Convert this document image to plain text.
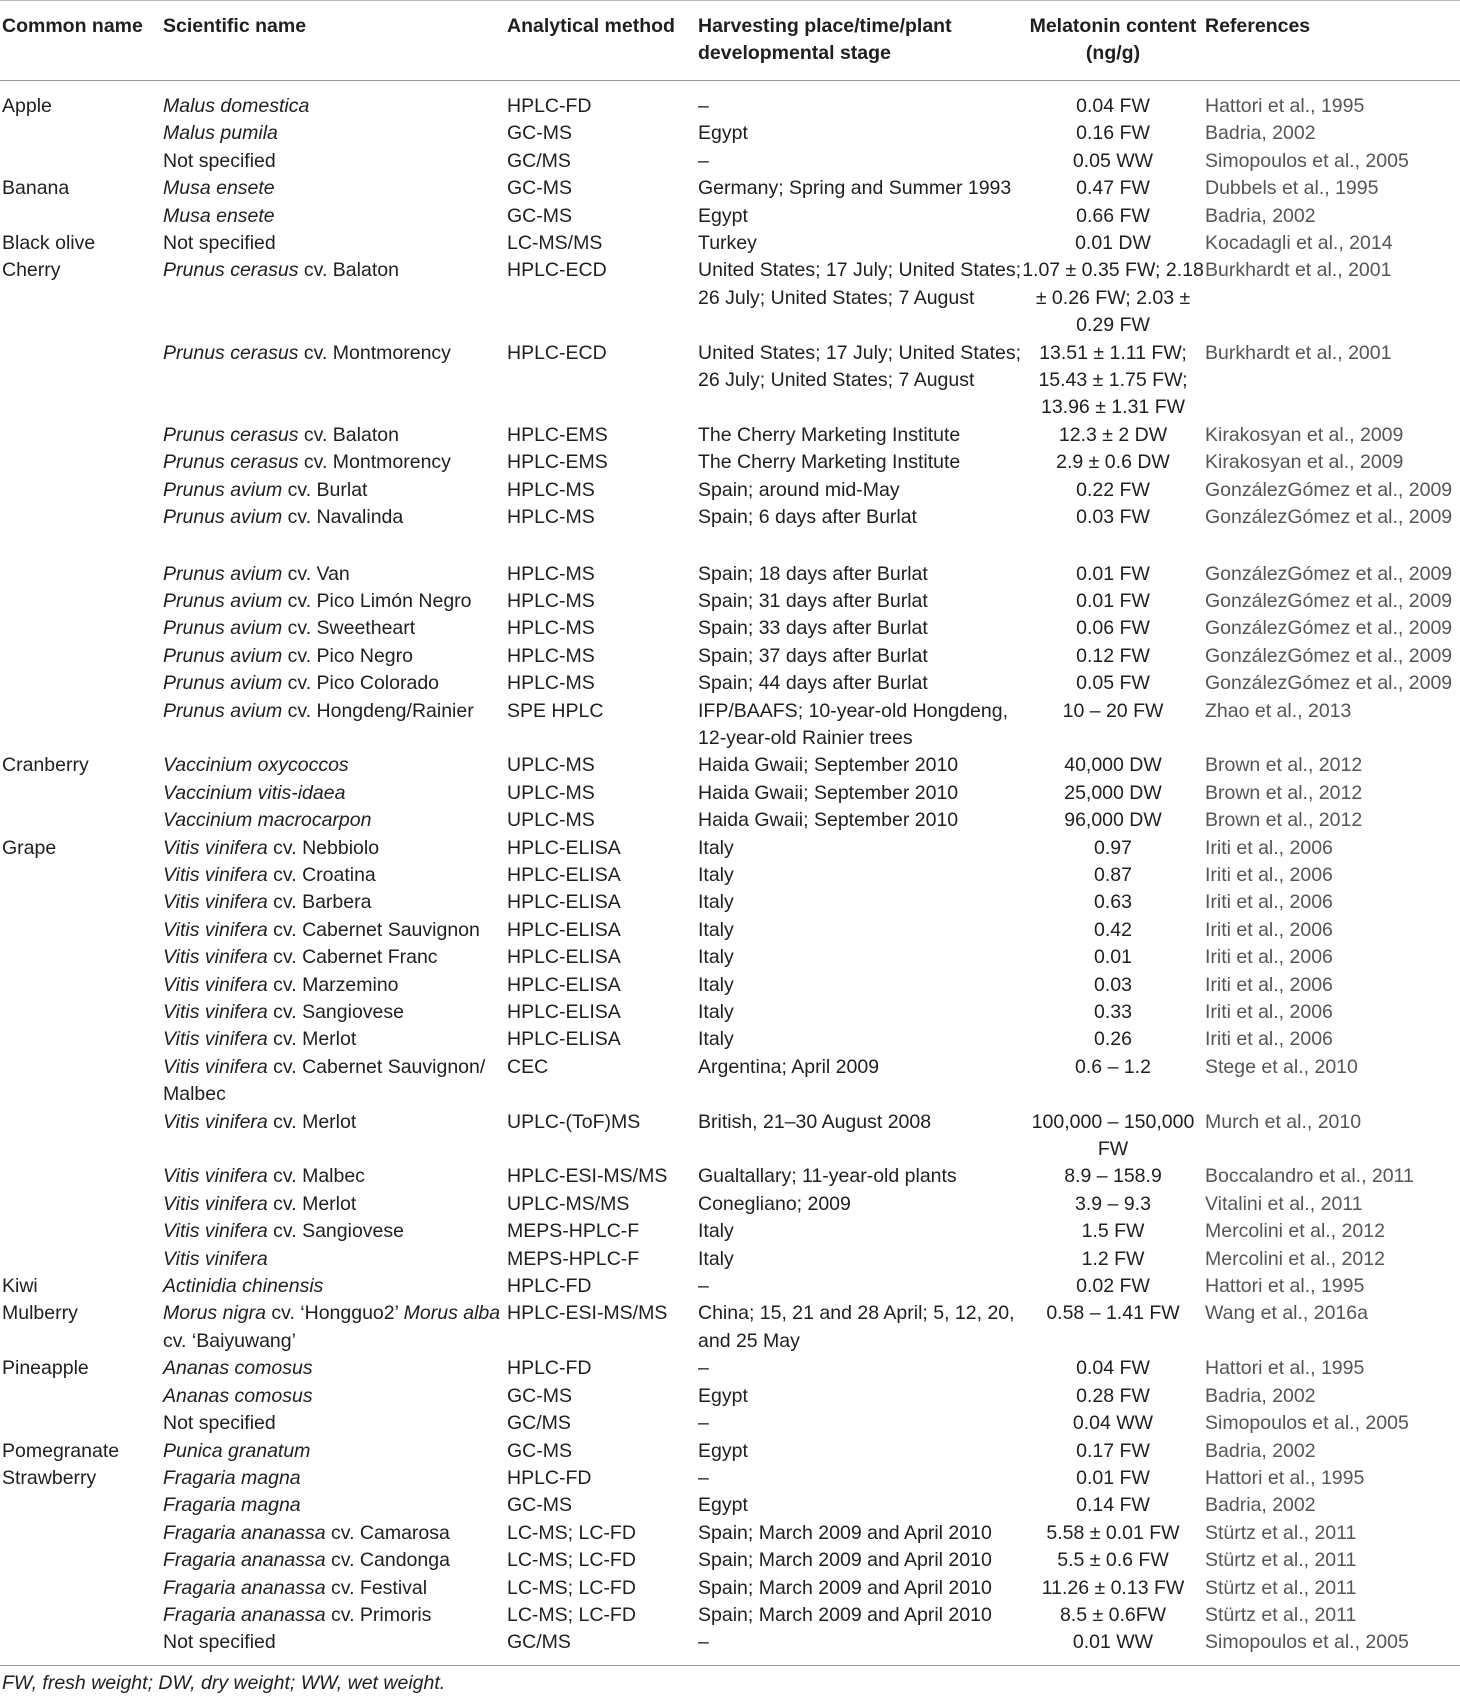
Common name	Scientific name	Analytical method	Harvesting place/time/plant developmental stage	Melatonin content (ng/g)	References
Apple	Malus domestica	HPLC-FD	–	0.04 FW	Hattori et al., 1995
	Malus pumila	GC-MS	Egypt	0.16 FW	Badria, 2002
	Not specified	GC/MS	–	0.05 WW	Simopoulos et al., 2005
Banana	Musa ensete	GC-MS	Germany; Spring and Summer 1993	0.47 FW	Dubbels et al., 1995
	Musa ensete	GC-MS	Egypt	0.66 FW	Badria, 2002
Black olive	Not specified	LC-MS/MS	Turkey	0.01 DW	Kocadagli et al., 2014
Cherry	Prunus cerasus cv. Balaton	HPLC-ECD	United States; 17 July; United States; 26 July; United States; 7 August	1.07 ± 0.35 FW; 2.18 ± 0.26 FW; 2.03 ± 0.29 FW	Burkhardt et al., 2001
	Prunus cerasus cv. Montmorency	HPLC-ECD	United States; 17 July; United States; 26 July; United States; 7 August	13.51 ± 1.11 FW; 15.43 ± 1.75 FW; 13.96 ± 1.31 FW	Burkhardt et al., 2001
	Prunus cerasus cv. Balaton	HPLC-EMS	The Cherry Marketing Institute	12.3 ± 2 DW	Kirakosyan et al., 2009
	Prunus cerasus cv. Montmorency	HPLC-EMS	The Cherry Marketing Institute	2.9 ± 0.6 DW	Kirakosyan et al., 2009
	Prunus avium cv. Burlat	HPLC-MS	Spain; around mid-May	0.22 FW	GonzálezGómez et al., 2009
	Prunus avium cv. Navalinda	HPLC-MS	Spain; 6 days after Burlat	0.03 FW	GonzálezGómez et al., 2009
	Prunus avium cv. Van	HPLC-MS	Spain; 18 days after Burlat	0.01 FW	GonzálezGómez et al., 2009
	Prunus avium cv. Pico Limón Negro	HPLC-MS	Spain; 31 days after Burlat	0.01 FW	GonzálezGómez et al., 2009
	Prunus avium cv. Sweetheart	HPLC-MS	Spain; 33 days after Burlat	0.06 FW	GonzálezGómez et al., 2009
	Prunus avium cv. Pico Negro	HPLC-MS	Spain; 37 days after Burlat	0.12 FW	GonzálezGómez et al., 2009
	Prunus avium cv. Pico Colorado	HPLC-MS	Spain; 44 days after Burlat	0.05 FW	GonzálezGómez et al., 2009
	Prunus avium cv. Hongdeng/Rainier	SPE HPLC	IFP/BAAFS; 10-year-old Hongdeng, 12-year-old Rainier trees	10 – 20 FW	Zhao et al., 2013
Cranberry	Vaccinium oxycoccos	UPLC-MS	Haida Gwaii; September 2010	40,000 DW	Brown et al., 2012
	Vaccinium vitis-idaea	UPLC-MS	Haida Gwaii; September 2010	25,000 DW	Brown et al., 2012
	Vaccinium macrocarpon	UPLC-MS	Haida Gwaii; September 2010	96,000 DW	Brown et al., 2012
Grape	Vitis vinifera cv. Nebbiolo	HPLC-ELISA	Italy	0.97	Iriti et al., 2006
	Vitis vinifera cv. Croatina	HPLC-ELISA	Italy	0.87	Iriti et al., 2006
	Vitis vinifera cv. Barbera	HPLC-ELISA	Italy	0.63	Iriti et al., 2006
	Vitis vinifera cv. Cabernet Sauvignon	HPLC-ELISA	Italy	0.42	Iriti et al., 2006
	Vitis vinifera cv. Cabernet Franc	HPLC-ELISA	Italy	0.01	Iriti et al., 2006
	Vitis vinifera cv. Marzemino	HPLC-ELISA	Italy	0.03	Iriti et al., 2006
	Vitis vinifera cv. Sangiovese	HPLC-ELISA	Italy	0.33	Iriti et al., 2006
	Vitis vinifera cv. Merlot	HPLC-ELISA	Italy	0.26	Iriti et al., 2006
	Vitis vinifera cv. Cabernet Sauvignon/ Malbec	CEC	Argentina; April 2009	0.6 – 1.2	Stege et al., 2010
	Vitis vinifera cv. Merlot	UPLC-(ToF)MS	British, 21–30 August 2008	100,000 – 150,000 FW	Murch et al., 2010
	Vitis vinifera cv. Malbec	HPLC-ESI-MS/MS	Gualtallary; 11-year-old plants	8.9 – 158.9	Boccalandro et al., 2011
	Vitis vinifera cv. Merlot	UPLC-MS/MS	Conegliano; 2009	3.9 – 9.3	Vitalini et al., 2011
	Vitis vinifera cv. Sangiovese	MEPS-HPLC-F	Italy	1.5 FW	Mercolini et al., 2012
	Vitis vinifera	MEPS-HPLC-F	Italy	1.2 FW	Mercolini et al., 2012
Kiwi	Actinidia chinensis	HPLC-FD	–	0.02 FW	Hattori et al., 1995
Mulberry	Morus nigra cv. ‘Hongguo2’ Morus alba cv. ‘Baiyuwang’	HPLC-ESI-MS/MS	China; 15, 21 and 28 April; 5, 12, 20, and 25 May	0.58 – 1.41 FW	Wang et al., 2016a
Pineapple	Ananas comosus	HPLC-FD	–	0.04 FW	Hattori et al., 1995
	Ananas comosus	GC-MS	Egypt	0.28 FW	Badria, 2002
	Not specified	GC/MS	–	0.04 WW	Simopoulos et al., 2005
Pomegranate	Punica granatum	GC-MS	Egypt	0.17 FW	Badria, 2002
Strawberry	Fragaria magna	HPLC-FD	–	0.01 FW	Hattori et al., 1995
	Fragaria magna	GC-MS	Egypt	0.14 FW	Badria, 2002
	Fragaria ananassa cv. Camarosa	LC-MS; LC-FD	Spain; March 2009 and April 2010	5.58 ± 0.01 FW	Stürtz et al., 2011
	Fragaria ananassa cv. Candonga	LC-MS; LC-FD	Spain; March 2009 and April 2010	5.5 ± 0.6 FW	Stürtz et al., 2011
	Fragaria ananassa cv. Festival	LC-MS; LC-FD	Spain; March 2009 and April 2010	11.26 ± 0.13 FW	Stürtz et al., 2011
	Fragaria ananassa cv. Primoris	LC-MS; LC-FD	Spain; March 2009 and April 2010	8.5 ± 0.6FW	Stürtz et al., 2011
	Not specified	GC/MS	–	0.01 WW	Simopoulos et al., 2005
FW, fresh weight; DW, dry weight; WW, wet weight.
